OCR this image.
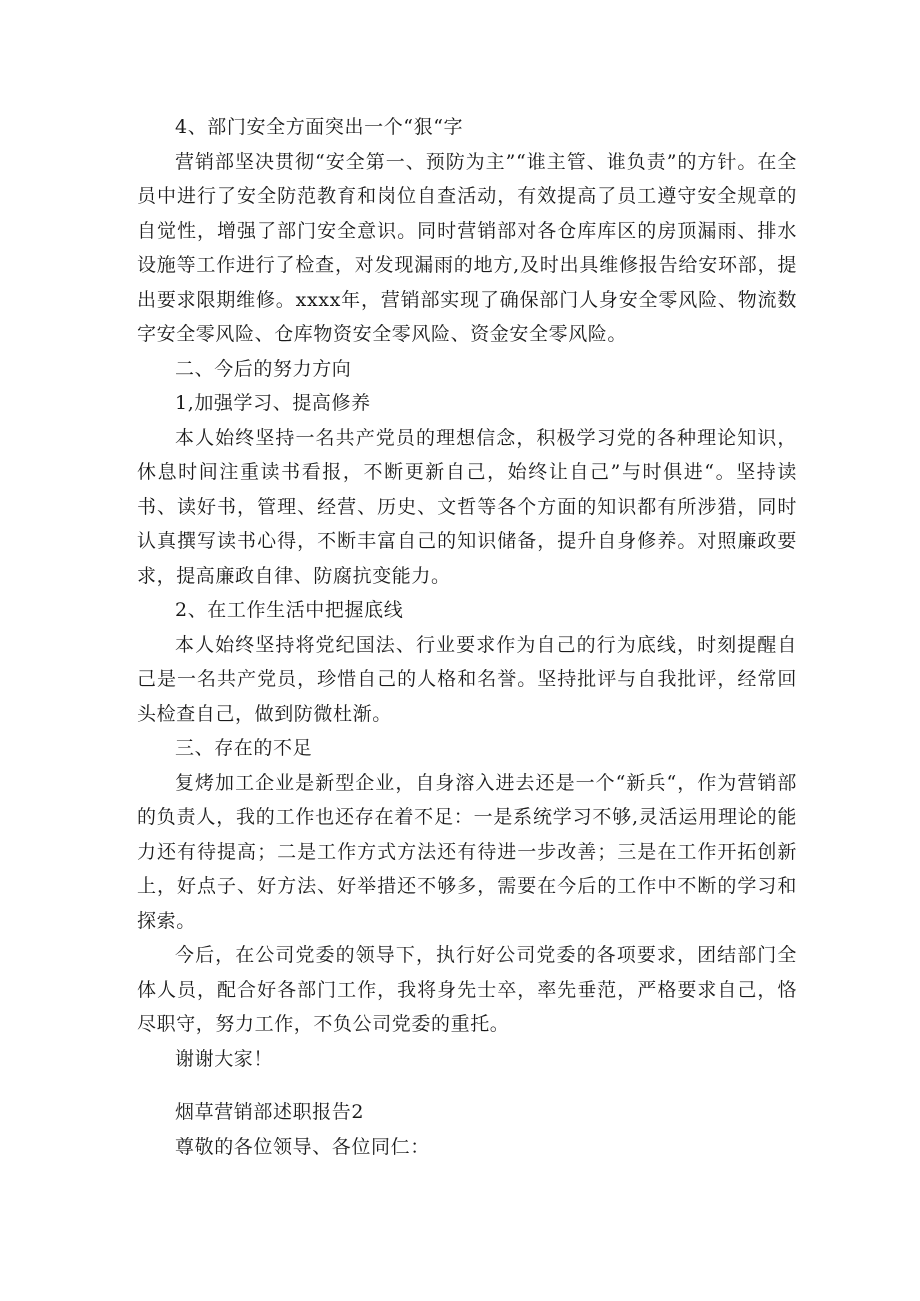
4、部门安全方面突出一个“狠“字

营销部坚决贯彻“安全第一、预防为主”“谁主管、谁负责”的方针。在全员中进行了安全防范教育和岗位自查活动，有效提高了员工遵守安全规章的自觉性，增强了部门安全意识。同时营销部对各仓库库区的房顶漏雨、排水设施等工作进行了检查，对发现漏雨的地方,及时出具维修报告给安环部，提出要求限期维修。xxxx年，营销部实现了确保部门人身安全零风险、物流数字安全零风险、仓库物资安全零风险、资金安全零风险。

二、今后的努力方向

1,加强学习、提高修养

本人始终坚持一名共产党员的理想信念，积极学习党的各种理论知识，休息时间注重读书看报，不断更新自己，始终让自己”与时俱进“。坚持读书、读好书，管理、经营、历史、文哲等各个方面的知识都有所涉猎，同时认真撰写读书心得，不断丰富自己的知识储备，提升自身修养。对照廉政要求，提高廉政自律、防腐抗变能力。

2、在工作生活中把握底线

本人始终坚持将党纪国法、行业要求作为自己的行为底线，时刻提醒自己是一名共产党员，珍惜自己的人格和名誉。坚持批评与自我批评，经常回头检查自己，做到防微杜渐。

三、存在的不足

复烤加工企业是新型企业，自身溶入进去还是一个“新兵“，作为营销部的负责人，我的工作也还存在着不足：一是系统学习不够,灵活运用理论的能力还有待提高；二是工作方式方法还有待进一步改善；三是在工作开拓创新上，好点子、好方法、好举措还不够多，需要在今后的工作中不断的学习和探索。

今后，在公司党委的领导下，执行好公司党委的各项要求，团结部门全体人员，配合好各部门工作，我将身先士卒，率先垂范，严格要求自己，恪尽职守，努力工作，不负公司党委的重托。

谢谢大家！

烟草营销部述职报告2

尊敬的各位领导、各位同仁：
